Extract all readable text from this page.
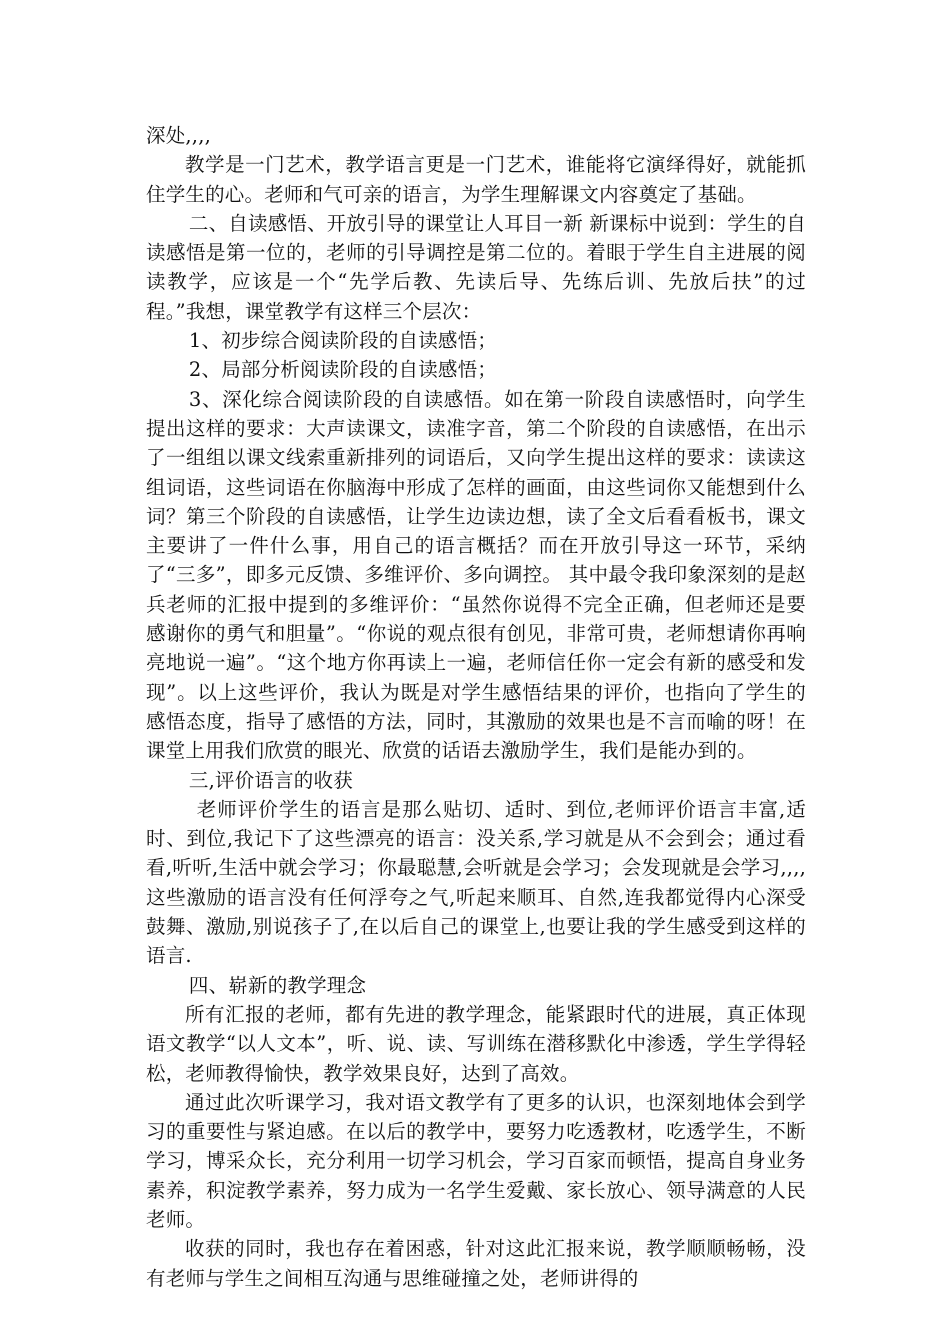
深处,,,,

教学是一门艺术，教学语言更是一门艺术，谁能将它演绎得好，就能抓住学生的心。老师和气可亲的语言，为学生理解课文内容奠定了基础。

二、自读感悟、开放引导的课堂让人耳目一新 新课标中说到：学生的自读感悟是第一位的，老师的引导调控是第二位的。着眼于学生自主进展的阅读教学，应该是一个“先学后教、先读后导、先练后训、先放后扶”的过程。”我想，课堂教学有这样三个层次：

1、初步综合阅读阶段的自读感悟；

2、局部分析阅读阶段的自读感悟；

3、深化综合阅读阶段的自读感悟。如在第一阶段自读感悟时，向学生提出这样的要求：大声读课文，读准字音，第二个阶段的自读感悟，在出示了一组组以课文线索重新排列的词语后，又向学生提出这样的要求：读读这组词语，这些词语在你脑海中形成了怎样的画面，由这些词你又能想到什么词？第三个阶段的自读感悟，让学生边读边想，读了全文后看看板书，课文主要讲了一件什么事，用自己的语言概括？而在开放引导这一环节，采纳了“三多”，即多元反馈、多维评价、多向调控。 其中最令我印象深刻的是赵兵老师的汇报中提到的多维评价：“虽然你说得不完全正确，但老师还是要感谢你的勇气和胆量”。“你说的观点很有创见，非常可贵，老师想请你再响亮地说一遍”。“这个地方你再读上一遍，老师信任你一定会有新的感受和发现”。以上这些评价，我认为既是对学生感悟结果的评价，也指向了学生的感悟态度，指导了感悟的方法，同时，其激励的效果也是不言而喻的呀！在课堂上用我们欣赏的眼光、欣赏的话语去激励学生，我们是能办到的。

三,评价语言的收获

老师评价学生的语言是那么贴切、适时、到位,老师评价语言丰富,适时、到位,我记下了这些漂亮的语言：没关系,学习就是从不会到会；通过看看,听听,生活中就会学习；你最聪慧,会听就是会学习；会发现就是会学习,,,,这些激励的语言没有任何浮夸之气,听起来顺耳、自然,连我都觉得内心深受鼓舞、激励,别说孩子了,在以后自己的课堂上,也要让我的学生感受到这样的语言.

四、崭新的教学理念

所有汇报的老师，都有先进的教学理念，能紧跟时代的进展，真正体现语文教学“以人文本”，听、说、读、写训练在潜移默化中渗透，学生学得轻松，老师教得愉快，教学效果良好，达到了高效。

通过此次听课学习，我对语文教学有了更多的认识，也深刻地体会到学习的重要性与紧迫感。在以后的教学中，要努力吃透教材，吃透学生，不断学习，博采众长，充分利用一切学习机会，学习百家而顿悟，提高自身业务素养，积淀教学素养，努力成为一名学生爱戴、家长放心、领导满意的人民老师。

收获的同时，我也存在着困惑，针对这此汇报来说，教学顺顺畅畅，没有老师与学生之间相互沟通与思维碰撞之处，老师讲得的
